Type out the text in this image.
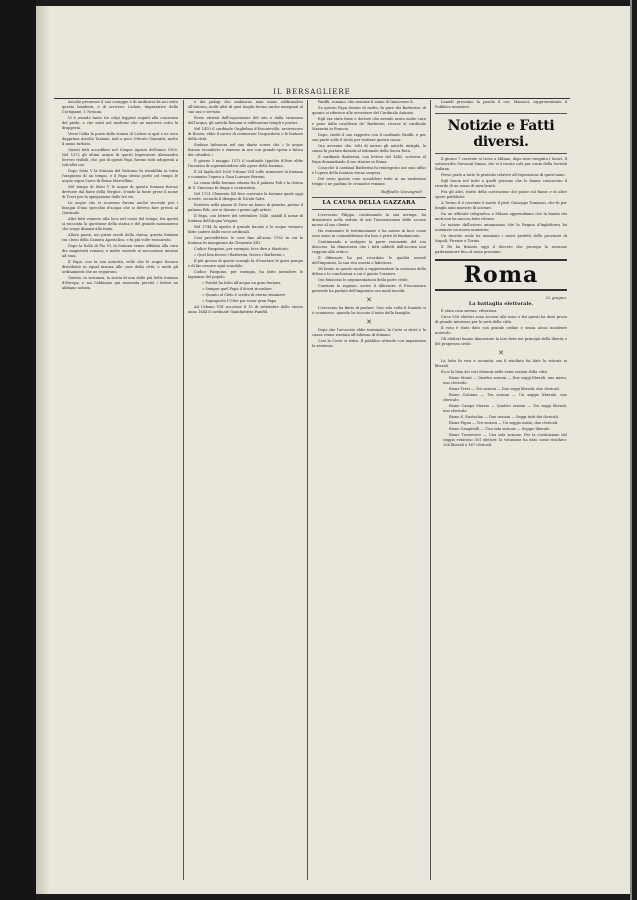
IL BERSAGLIERE

Arcolio promesse il suo coraggio e di unificarsi da noi sotto questa bandiera, e di scrivere: Lichen, Imperatrice delle Cortigiane, I. Nezioni.

Vi è avendo tanto tre colpi leggieri seguiti alla coscienza del piede, e che sentì nel moderar che ne nasceste sotto la drapperia.

Verso l'alba la porta della stanza di Lichen si aprì e ne esce dapprima Arcolio Taziano, indi a poco Vittorio Giannitti, molto il meno turbato.

Questi fatti accaddero nel Cinque Agosto dell'anno 1500. Nel 1572 gli ultimi avanzi di questi Imperatore Alessandro Severo visibili, che, poi di questi Papi, furono tutti adoperati a tutt'altri usi.

Dopo Sisto V la fontana del Vaticano fu ristabilita in tutta l'ampiezza di un tempo, e il Papa stesso portò col tempo le acque sopra l'arco di Roma Marcellino.

Nel tempo di Sisto V le acque di questa fontana furono derivate dal fonte della Vergine, d'onde la fonte prese il nome di Trevi per la spiegazione delle tre vie.

Le acque che vi scorrono furono anche ricevute per i bisogni d'uno specchio d'acqua che si doveva fare presso al Quirinale.

Altri fatti vennero alla luce nel corso del tempo; fra questi si racconta la questione della statua e del grande monumento che sorge dinanzi alla fonte.

Allora passò, nei primi secoli della chiesa, questa fontana tra i beni della Camera Apostolica, e fu più volte restaurata.

Dopo la bolla di Pio VI, la fontana venne affidata alla cura dei magistrati romani; e molte vicende si raccontano intorno ad essa.

Il Papa, con la sua autorità, volle che le acque fossero distribuite in egual misura alle case della città, e molti gli ordinamenti che ne seguirono.

Questa, in sostanza, la storia di una delle più belle fontane d'Europa; e noi l'abbiamo qui riassunta perchè i lettori ne abbiano notizia.

e dei palagi che andavano man mano edificandosi all'intorno, molti altri di quei luoghi furono anche assegnati al suo uso e servizio.

Forse attirati dall'esposizione del sito e dalla vicinanza dell'acqua, gli antichi Romani vi edificarono templi e portici.

Nel 1453 il cardinale Guglielmo d'Estouteville, arcivescovo di Rouen, ebbe il carico di restaurare l'acquedotto e le fontane della città.

Stefano Infessura nel suo diario scrive che « le acque furono ricondotte e rimesse in uso con grande spesa e fatica dei cittadini ».

Il giorno 3 maggio 1573 il cardinale Ippolito d'Este ebbe l'incarico di sopraintendere alle opere della fontana.

Il 24 luglio del 1629 Urbano VIII volle rinnovare la fontana e commise l'opera a Gian Lorenzo Bernini.

La causa della fontana situata fra il palazzo Poli e la chiesa di S. Vincenzo fu lunga e contrastata.

Nel 1731 Clemente XII fece costruire la fontana quale oggi si vede, secondo il disegno di Nicola Salvi.

Esisteva nella piazza di Trevi un banco di piombo, presso il palazzo Poli, ove si davano i premi agli artisti.

Il Papa, con lettere del settembre 1640, stabilì il nome di fontana dell'Acqua Vergine.

Nel 1744 fu aperto il grande bacino e le acque vennero fatte cadere dalle rocce artificiali.

Così procedettero le cose fino all'anno 1762 in cui la fontana fu inaugurata da Clemente XIII.

Codice Pasquino, per esempio, fece dire a Marforio:

« Quel ben fecero i Barberini, fecero i Barberini »

Il più grosso di questi consigli fu d'esortare le gravi pompe e di far cessare ogni scandalo.

Codice Pasquino, per esempio, ha fatto intendere le lagnanze del popolo.

« Poiché ha fatto all'acqua un gran fontana

« Sempre quel Papa il dovrà ricordare

« Quanto al Cielo è scritto di eterno rimanere

« Sopraposto l'Urbe per esser gran Papa

Ad Urbano VIII successe il 15 di settembre dello stesso anno 1644 il cardinale Giambattista Pamfili.

Panfili, romano, che assunse il nome di Innocenzo X.

Su questo Papa dovuto di molto, fu pure dei Barberini, di quanto si riferisce alle avventure del Cardinale Antonio.

Egli era stato frate e dottore che avendo avuto molte cure e pene dalla cavalleria de' Barberini, ricorse al cardinale Mazarini in Francia.

Dopo, trattò il suo rapporto con il cardinale Panfili, e per sua parte volle il titolo per trattare questa causa.

Ora avvenne che, tolti di mezzo gli antichi intrighi, la causa fu portata davanti al tribunale della Sacra Rota.

Il cardinale Barberini, con lettere del 1645, scriveva al Papa domandando il suo ritorno in Roma.

Cosicchè il cardinal Barberini fu reintegrato nei suoi uffici e l'opera della fontana venne sospesa.

Del resto queste cose accaddero tutte in un medesimo tempo e ne parlano le cronache romane.

Raffaello Giovagnoli
LA CAUSA DELLA GAZZARA

L'avvocato Filippo, continuando la sua arringa, ha dimostrato nella seduta di ieri l'insussistenza delle accuse mosse al suo cliente.

Ha esaminato le testimonianze e ha messo in luce come esse siano in contraddizione fra loro e prive di fondamento.

Continuando a svolgere la parte essenziale del suo discorso, ha dimostrato che i fatti addotti dall'accusa non reggono alla critica.

Il difensore ha poi ricordato le qualità morali dell'imputato, la sua vita onesta e laboriosa.

Mi limito in questo modo a rappresentare la sostanza della difesa e le conclusioni a cui è giunto l'oratore.

Qui finiscono le argomentazioni della parte civile.

Convinta la ragione, scrive il difensore, il Procuratore generale ha parlato dell'imputato con modi insoliti.

✕

L'avvocato ha finito di parlare. Una sola volta il Daniele si è commosso, quando ha toccato il tasto della famiglia.

✕

Dopo che l'avvocato ebbe terminato, la Corte si ritirò e la causa venne rinviata all'udienza di domani.

Così la Corte si ritira. Il pubblico attende con impazienza la sentenza.

Lunedì prossimo la parola il cav. Manocci, rappresentante il Pubblico ministero.

Notizie e Fatti diversi.

Il giorno 7 corrente si trova a Milano, dopo aver eseguito i lavori, il sottoscritto Giovanni Sanna, che si è recato colà per conto della Società Italiana.

Prese parte a tutte le pratiche relative all'esposizione di quest'anno.

Egli lascia nel tutte a quelli persone che lo hanno conosciuto il ricordo di un uomo di rara bontà.

Fra gli altri, trattò della costruzione del ponte sul fiume e di altre opere pubbliche.

A Torino il 6 corrente è morto il prof. Giuseppe Tommasi, che fu per lunghi anni maestro di scienze.

Da un ufficiale telegrafico a Milano apprendiamo che la banda dei moti non ha ancora fatto ritorno.

Le notizie dall'estero annunziano che la Regina d'Inghilterra ha nominato un nuovo ministero.

Un decreto reale ha nominato i nuovi prefetti delle provincie di Napoli, Firenze e Torino.

Il Re ha firmato oggi il decreto che proroga la sessione parlamentare fino al mese prossimo.

Roma
22 giugno.
La battaglia elettorale.

È stata cosa serena, vittoriosa.

Circa 950 elettori sono accorsi alle urne e fra questi ha dato prova di grande interesse per le sorti della città.

Il voto è stato dato con grande ordine e senza alcun incidente notevole.

Gli elettori hanno dimostrato la loro fede nei principii della libertà e del progresso civile.

✕

La lotta fu viva e accanita, ma il risultato ha dato la vittoria ai liberali.

Ecco la lista dei voti ottenuti nelle varie sezioni della città.

Rione Monti — Quattro sezioni — Due seggi liberali, uno misto, uno clericale.

Rione Trevi — Tre sezioni — Due seggi liberali, due clericali.

Rione Colonna — Tre sezioni — Un seggio liberale, uno clericale.

Rione Campo Marzio — Quattro sezioni — Tre seggi liberali, uno clericale.

Rione S. Eustachio — Due sezioni — Seggi tutti dei clericali.

Rione Pigna — Tre sezioni — Un seggio misto, due clericali.

Rione Campitelli — Una sola sezione — Seggio liberale.

Rione Trastevere — Una sola sezione. Per la costituzione del seggio votarono 381 elettori: la votazione ha dato come risultato: 206 liberali e 167 clericali.
